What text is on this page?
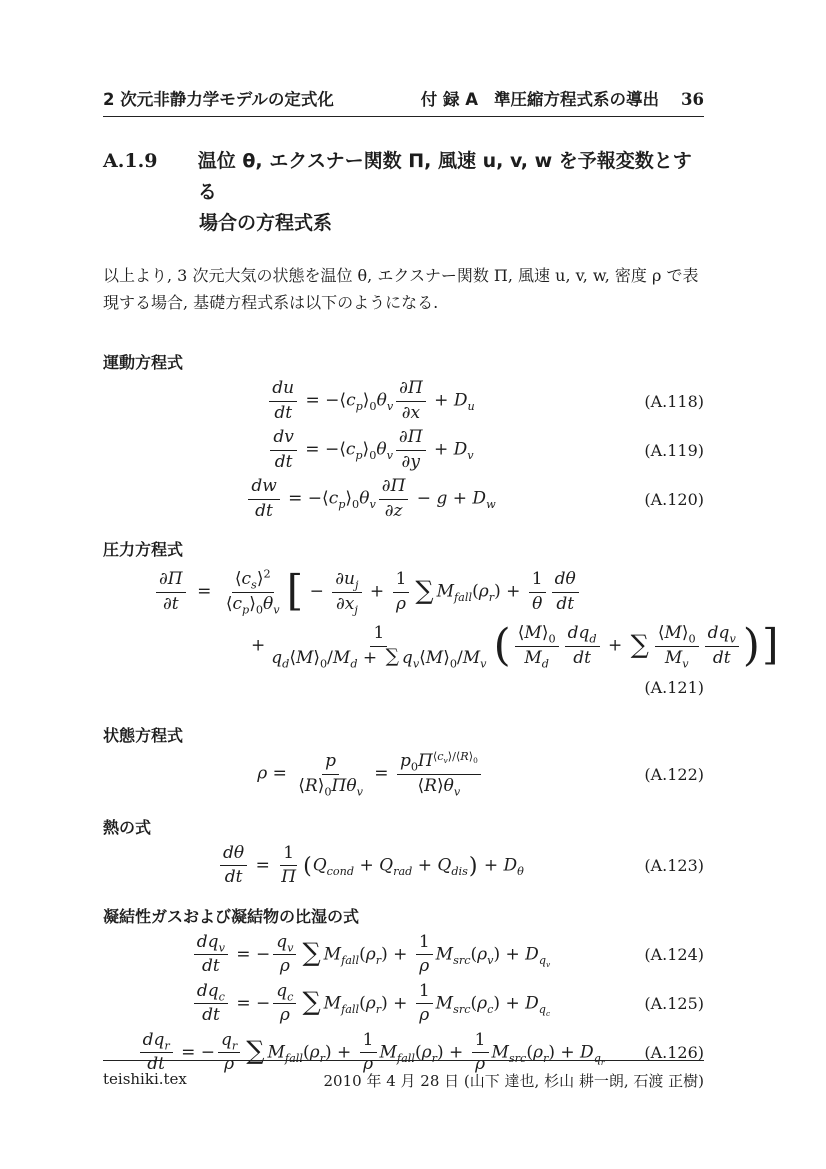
2 次元非静力学モデルの定式化	付 録 A 準圧縮方程式系の導出 36
A.1.9	温位 θ, エクスナー関数 Π, 風速 u, v, w を予報変数とする
場合の方程式系
以上より, 3 次元大気の状態を温位 θ, エクスナー関数 Π, 風速 u, v, w, 密度 ρ で表
現する場合, 基礎方程式系は以下のようになる.
運動方程式
$\frac{du}{dt}$ = $-⟨c_p⟩_0\theta_v \frac{\partial\Pi}{\partial x} + D_u$	(A.118)
$\frac{dv}{dt}$ = $-⟨c_p⟩_0\theta_v \frac{\partial\Pi}{\partial y} + D_v$	(A.119)
$\frac{dw}{dt}$ = $-⟨c_p⟩_0\theta_v \frac{\partial\Pi}{\partial z} - g + D_w$	(A.120)
圧力方程式
$\frac{\partial\Pi}{\partial t}$  =  $\frac{⟨c_s⟩^2}{⟨c_p⟩_0\theta_v}$ [ − $\frac{\partial u_j}{\partial x_j} + \frac{1}{\rho}$ ∑ $M_{fall}(\rho_r) + \frac{1}{\theta} \frac{d\theta}{dt}$
+ $\frac{1}{q_d⟨M⟩_0/M_d + \sum q_v⟨M⟩_0/M_v}$ ( $\frac{⟨M⟩_0}{M_d} dq_d$
dt
+ ∑ $\frac{⟨M⟩_0}{M_v} dq_v$
dt )]
(A.121)
状態方程式
ρ =
p
$⟨R⟩_0\Pi\theta_v$
= $\frac{p_0\Pi^{⟨c_v⟩/⟨R⟩_0}}{⟨R⟩\theta_v}$	(A.122)
熱の式
$\frac{d\theta}{dt} = \frac{1}{\Pi} (Q_{cond} + Q_{rad} + Q_{dis}) + D_\theta$	(A.123)
凝結性ガスおよび凝結物の比湿の式
$dq_v$
dt
= − $\frac{q_v}{\rho}$ ∑ $M_{fall}(\rho_r) + \frac{1}{\rho} M_{src}(\rho_v) + D_{q_v}$
(A.124)
$dq_c$
dt
= − $\frac{q_c}{\rho}$ ∑ $M_{fall}(\rho_r) + \frac{1}{\rho} M_{src}(\rho_c) + D_{q_c}$
(A.125)
$dq_r$
dt
= − $\frac{q_r}{\rho}$ ∑ $M_{fall}(\rho_r) + \frac{1}{\rho} M_{fall}(\rho_r) + \frac{1}{\rho} M_{src}(\rho_r) + D_{q_r}$
(A.126)
teishiki.tex	2010 年 4 月 28 日 (山下 達也, 杉山 耕一朗, 石渡 正樹)
